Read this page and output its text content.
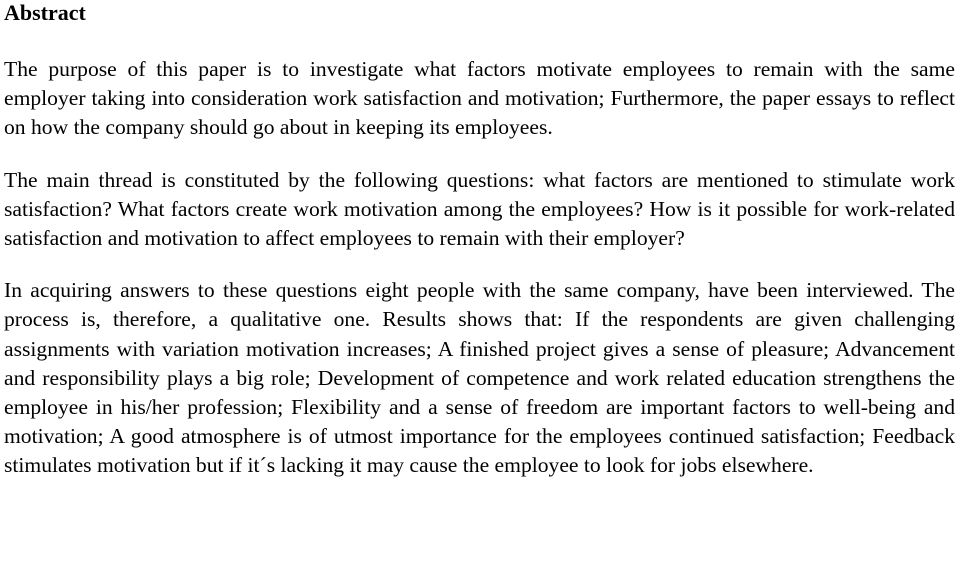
Abstract

The purpose of this paper is to investigate what factors motivate employees to remain with the same employer taking into consideration work satisfaction and motivation; Furthermore, the paper essays to reflect on how the company should go about in keeping its employees.

The main thread is constituted by the following questions: what factors are mentioned to stimulate work satisfaction? What factors create work motivation among the employees? How is it possible for work-related satisfaction and motivation to affect employees to remain with their employer?

In acquiring answers to these questions eight people with the same company, have been interviewed. The process is, therefore, a qualitative one. Results shows that: If the respondents are given challenging assignments with variation motivation increases; A finished project gives a sense of pleasure; Advancement and responsibility plays a big role; Development of competence and work related education strengthens the employee in his/her profession; Flexibility and a sense of freedom are important factors to well-being and motivation; A good atmosphere is of utmost importance for the employees continued satisfaction; Feedback stimulates motivation but if it´s lacking it may cause the employee to look for jobs elsewhere.
